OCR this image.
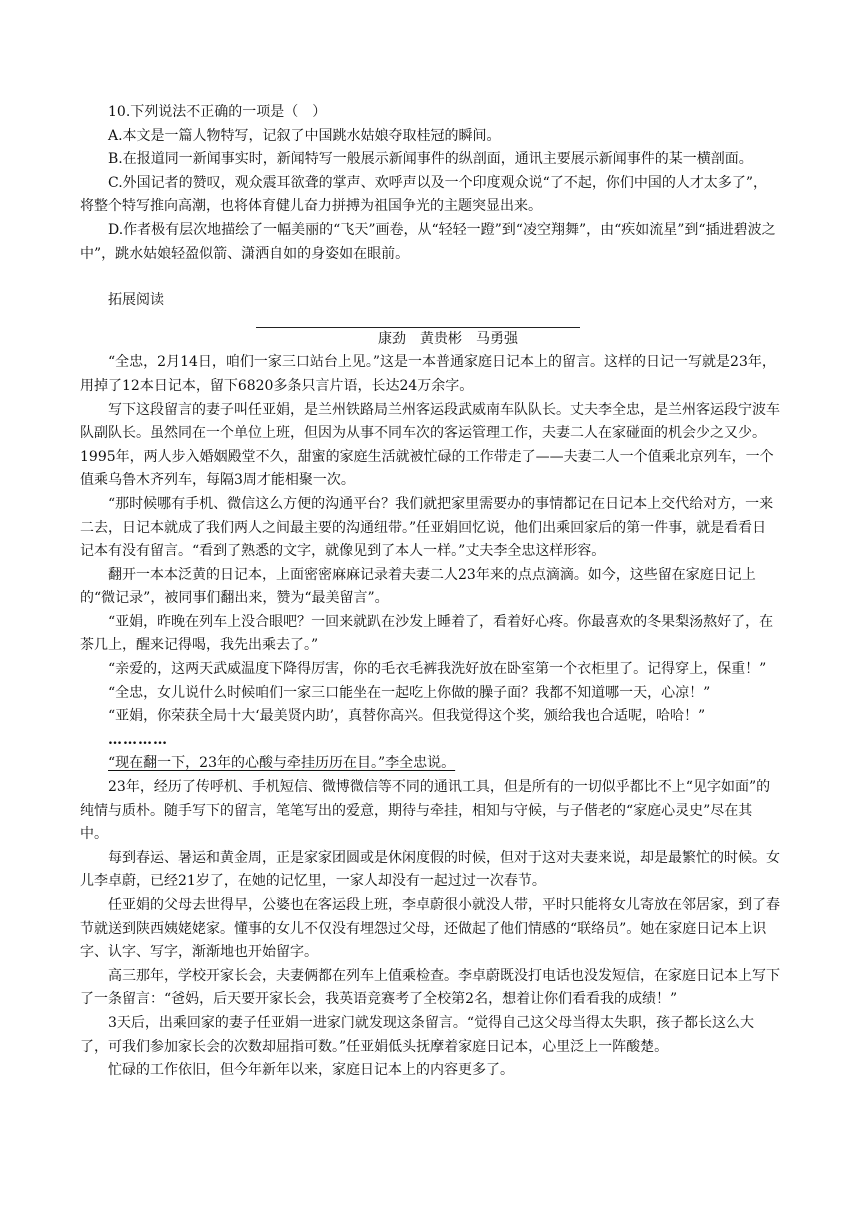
10.下列说法不正确的一项是（　）

A.本文是一篇人物特写，记叙了中国跳水姑娘夺取桂冠的瞬间。

B.在报道同一新闻事实时，新闻特写一般展示新闻事件的纵剖面，通讯主要展示新闻事件的某一横剖面。

C.外国记者的赞叹，观众震耳欲聋的掌声、欢呼声以及一个印度观众说“了不起，你们中国的人才太多了”，将整个特写推向高潮，也将体育健儿奋力拼搏为祖国争光的主题突显出来。

D.作者极有层次地描绘了一幅美丽的“飞天”画卷，从“轻轻一蹬”到“凌空翔舞”，由“疾如流星”到“插进碧波之中”，跳水姑娘轻盈似箭、潇洒自如的身姿如在眼前。

拓展阅读

康劲　黄贵彬　马勇强

“全忠，2月14日，咱们一家三口站台上见。”这是一本普通家庭日记本上的留言。这样的日记一写就是23年，用掉了12本日记本，留下6820多条只言片语，长达24万余字。

写下这段留言的妻子叫任亚娟，是兰州铁路局兰州客运段武威南车队队长。丈夫李全忠，是兰州客运段宁波车队副队长。虽然同在一个单位上班，但因为从事不同车次的客运管理工作，夫妻二人在家碰面的机会少之又少。1995年，两人步入婚姻殿堂不久，甜蜜的家庭生活就被忙碌的工作带走了——夫妻二人一个值乘北京列车，一个值乘乌鲁木齐列车，每隔3周才能相聚一次。

“那时候哪有手机、微信这么方便的沟通平台？我们就把家里需要办的事情都记在日记本上交代给对方，一来二去，日记本就成了我们两人之间最主要的沟通纽带。”任亚娟回忆说，他们出乘回家后的第一件事，就是看看日记本有没有留言。“看到了熟悉的文字，就像见到了本人一样。”丈夫李全忠这样形容。

翻开一本本泛黄的日记本，上面密密麻麻记录着夫妻二人23年来的点点滴滴。如今，这些留在家庭日记上的“微记录”，被同事们翻出来，赞为“最美留言”。

“亚娟，昨晚在列车上没合眼吧？一回来就趴在沙发上睡着了，看着好心疼。你最喜欢的冬果梨汤熬好了，在茶几上，醒来记得喝，我先出乘去了。”

“亲爱的，这两天武威温度下降得厉害，你的毛衣毛裤我洗好放在卧室第一个衣柜里了。记得穿上，保重！”

“全忠，女儿说什么时候咱们一家三口能坐在一起吃上你做的臊子面？我都不知道哪一天，心凉！”

“亚娟，你荣获全局十大‘最美贤内助’，真替你高兴。但我觉得这个奖，颁给我也合适呢，哈哈！”

…………

“现在翻一下，23年的心酸与牵挂历历在目。”李全忠说。

23年，经历了传呼机、手机短信、微博微信等不同的通讯工具，但是所有的一切似乎都比不上“见字如面”的纯情与质朴。随手写下的留言，笔笔写出的爱意，期待与牵挂，相知与守候，与子偕老的“家庭心灵史”尽在其中。

每到春运、暑运和黄金周，正是家家团圆或是休闲度假的时候，但对于这对夫妻来说，却是最繁忙的时候。女儿李卓蔚，已经21岁了，在她的记忆里，一家人却没有一起过过一次春节。

任亚娟的父母去世得早，公婆也在客运段上班，李卓蔚很小就没人带，平时只能将女儿寄放在邻居家，到了春节就送到陕西姨姥姥家。懂事的女儿不仅没有埋怨过父母，还做起了他们情感的“联络员”。她在家庭日记本上识字、认字、写字，渐渐地也开始留字。

高三那年，学校开家长会，夫妻俩都在列车上值乘检查。李卓蔚既没打电话也没发短信，在家庭日记本上写下了一条留言：“爸妈，后天要开家长会，我英语竞赛考了全校第2名，想着让你们看看我的成绩！”

3天后，出乘回家的妻子任亚娟一进家门就发现这条留言。“觉得自己这父母当得太失职，孩子都长这么大了，可我们参加家长会的次数却屈指可数。”任亚娟低头抚摩着家庭日记本，心里泛上一阵酸楚。

忙碌的工作依旧，但今年新年以来，家庭日记本上的内容更多了。
